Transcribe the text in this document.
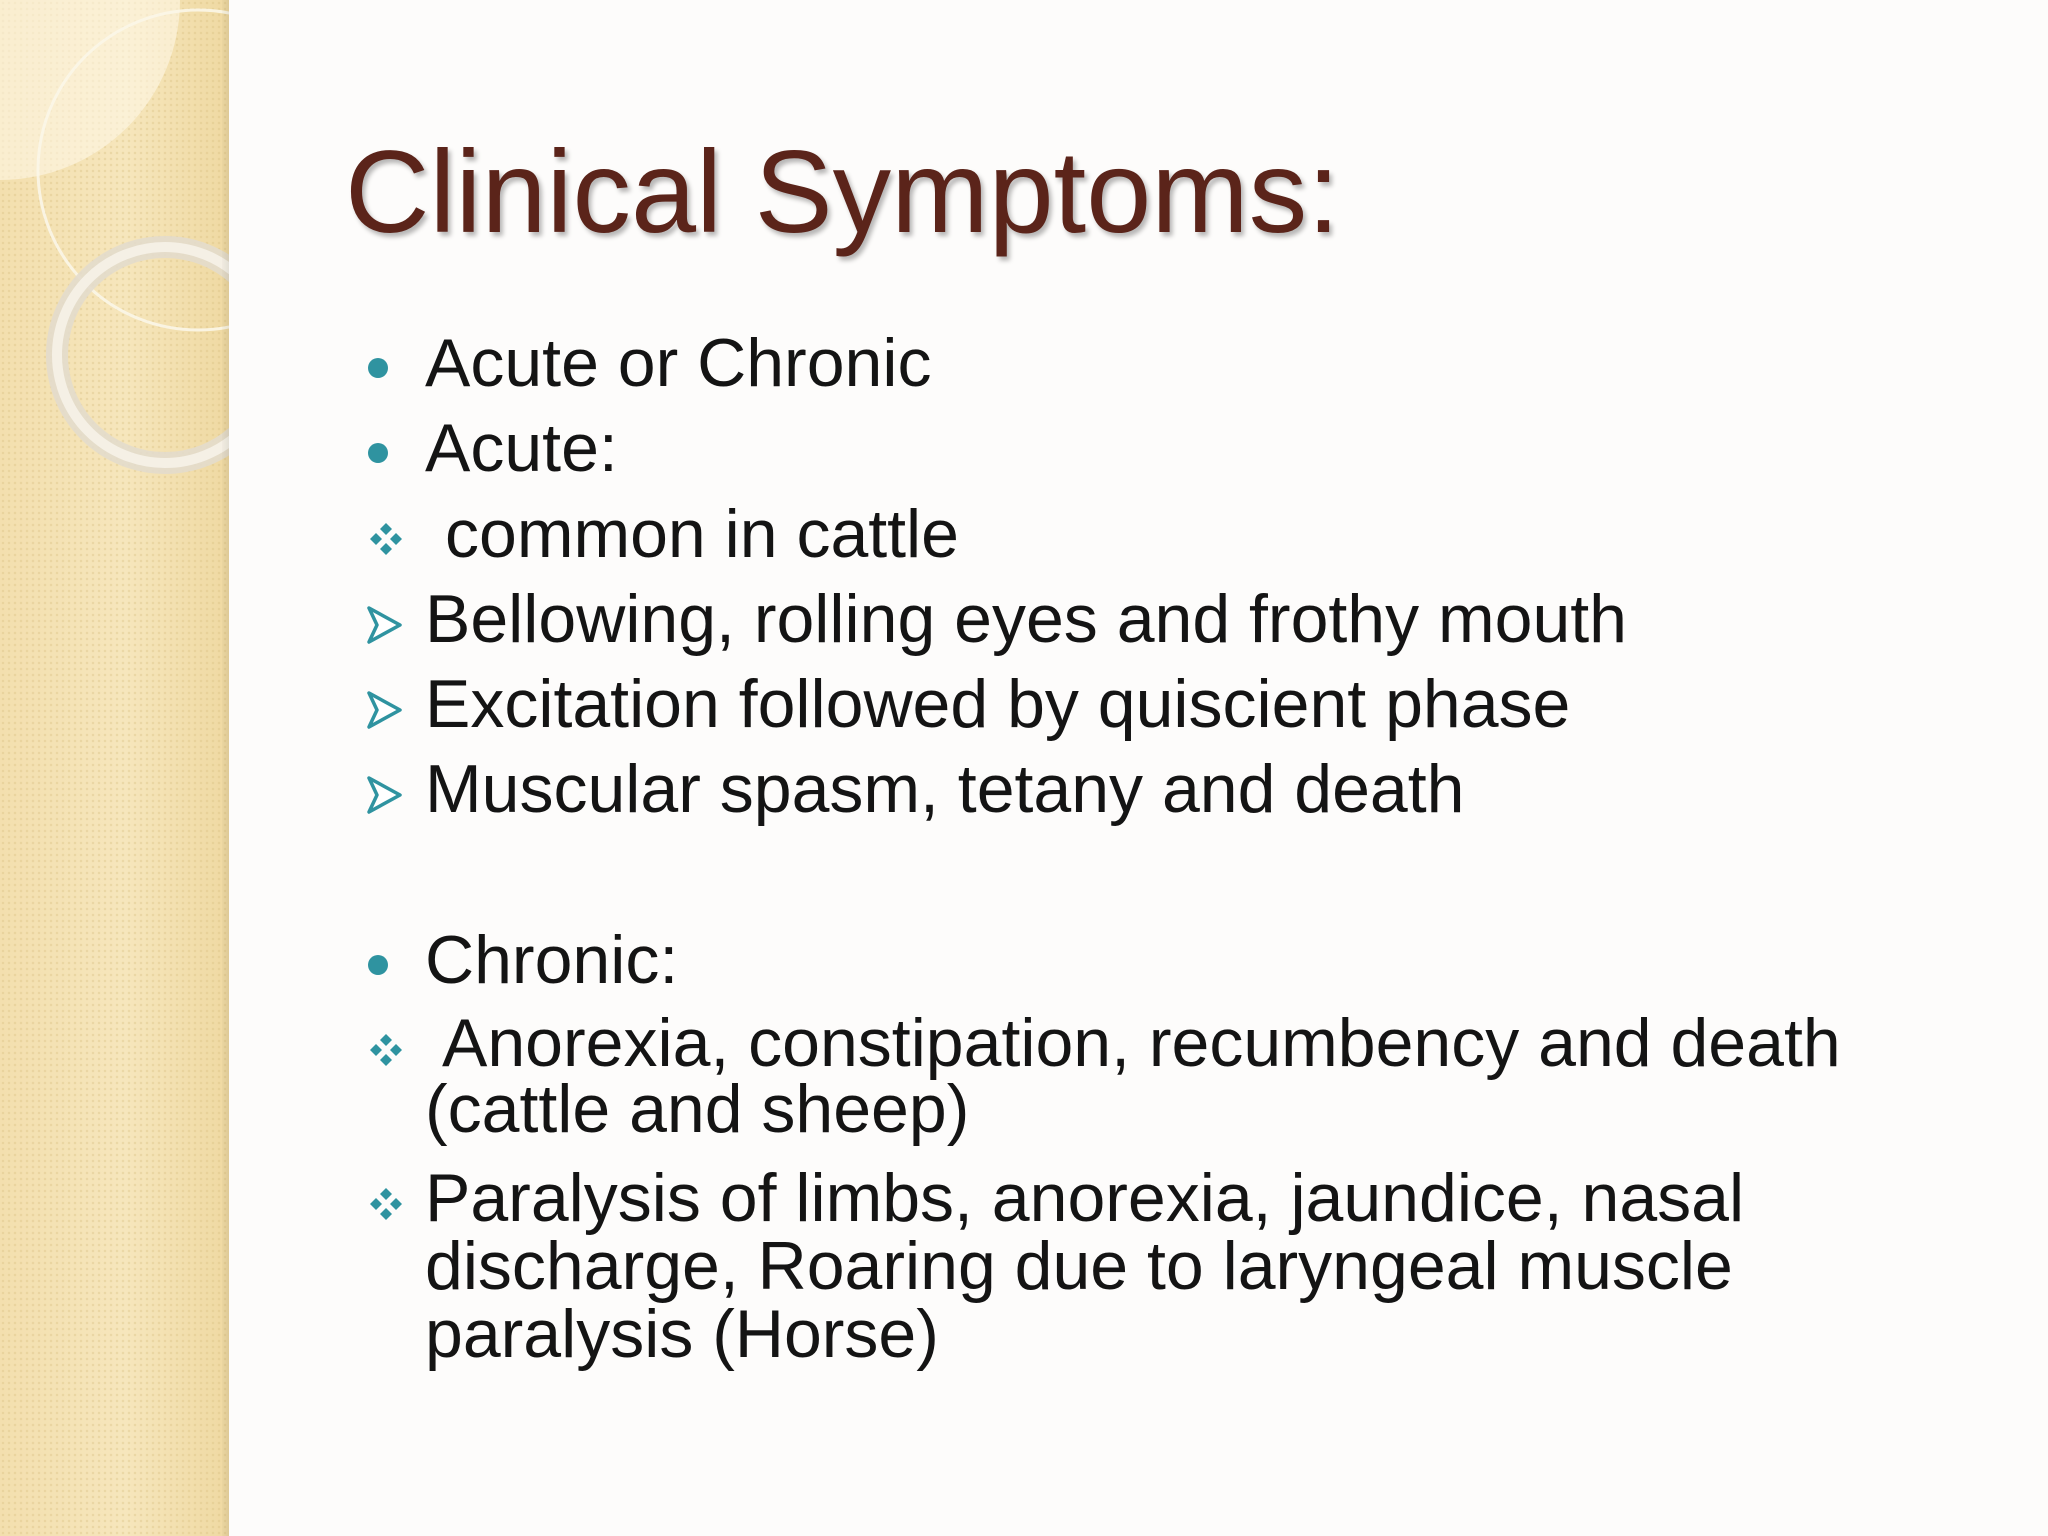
Clinical Symptoms:
Acute or Chronic
Acute:
common in cattle
Bellowing, rolling eyes and frothy mouth
Excitation followed by quiscient phase
Muscular spasm, tetany and death
Chronic:
Anorexia, constipation, recumbency and death (cattle and sheep)
Paralysis of limbs, anorexia, jaundice, nasal discharge, Roaring due to laryngeal muscle paralysis (Horse)
